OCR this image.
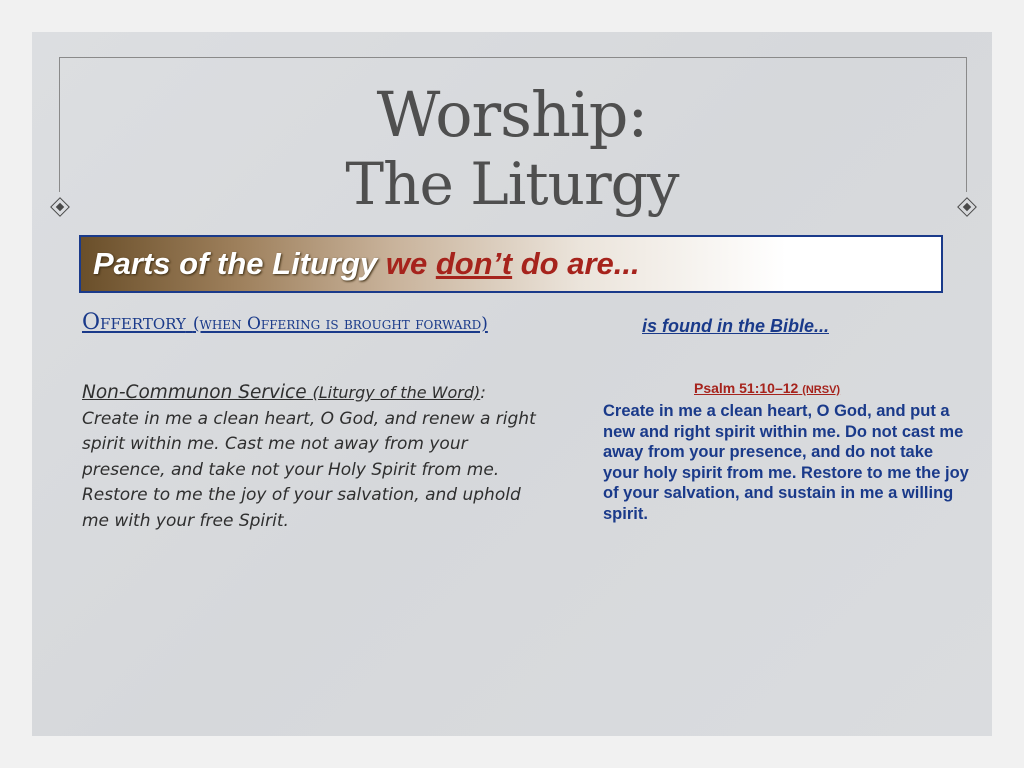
Worship:
The Liturgy
Parts of the Liturgy we don’t do are...
Offertory (when Offering is brought forward)	is found in the Bible...
Non-Communon Service (Liturgy of the Word):
Create in me a clean heart, O God, and renew a right spirit within me. Cast me not away from your presence, and take not your Holy Spirit from me. Restore to me the joy of your salvation, and uphold me with your free Spirit.
Psalm 51:10–12 (NRSV)
Create in me a clean heart, O God, and put a new and right spirit within me. Do not cast me away from your presence, and do not take your holy spirit from me. Restore to me the joy of your salvation, and sustain in me a willing spirit.
